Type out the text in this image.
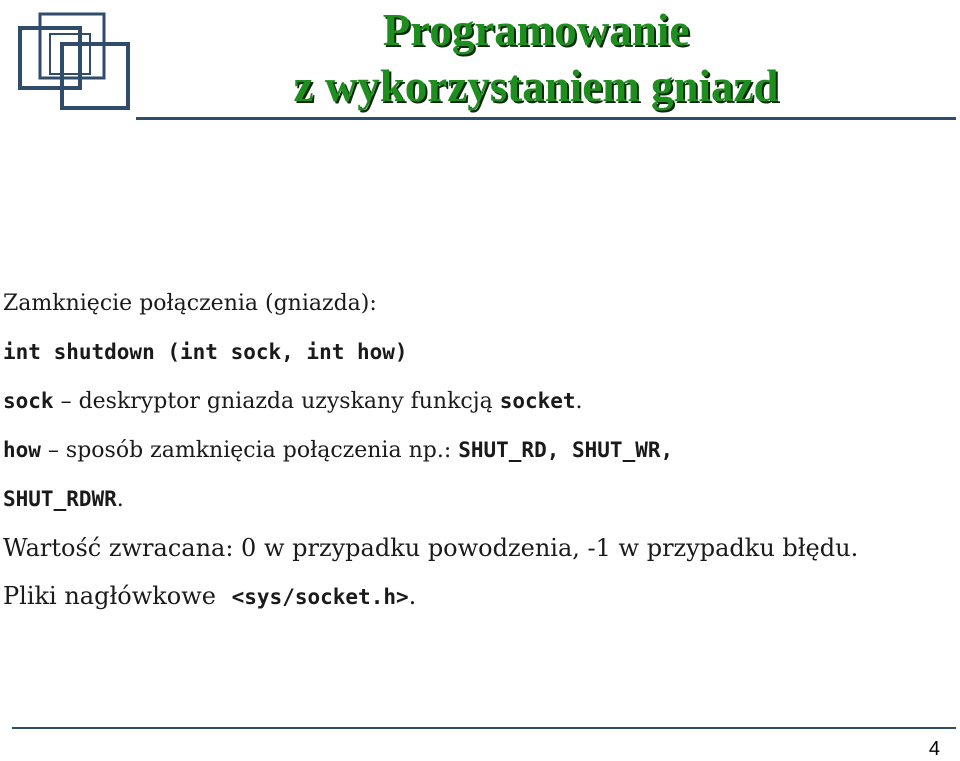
Programowanie
z wykorzystaniem gniazd
Zamknięcie połączenia (gniazda):
int shutdown (int sock, int how)
sock – deskryptor gniazda uzyskany funkcją socket.
how – sposób zamknięcia połączenia np.: SHUT_RD, SHUT_WR,
SHUT_RDWR.
Wartość zwracana: 0 w przypadku powodzenia, -1 w przypadku błędu.
Pliki nagłówkowe <sys/socket.h>.
4
